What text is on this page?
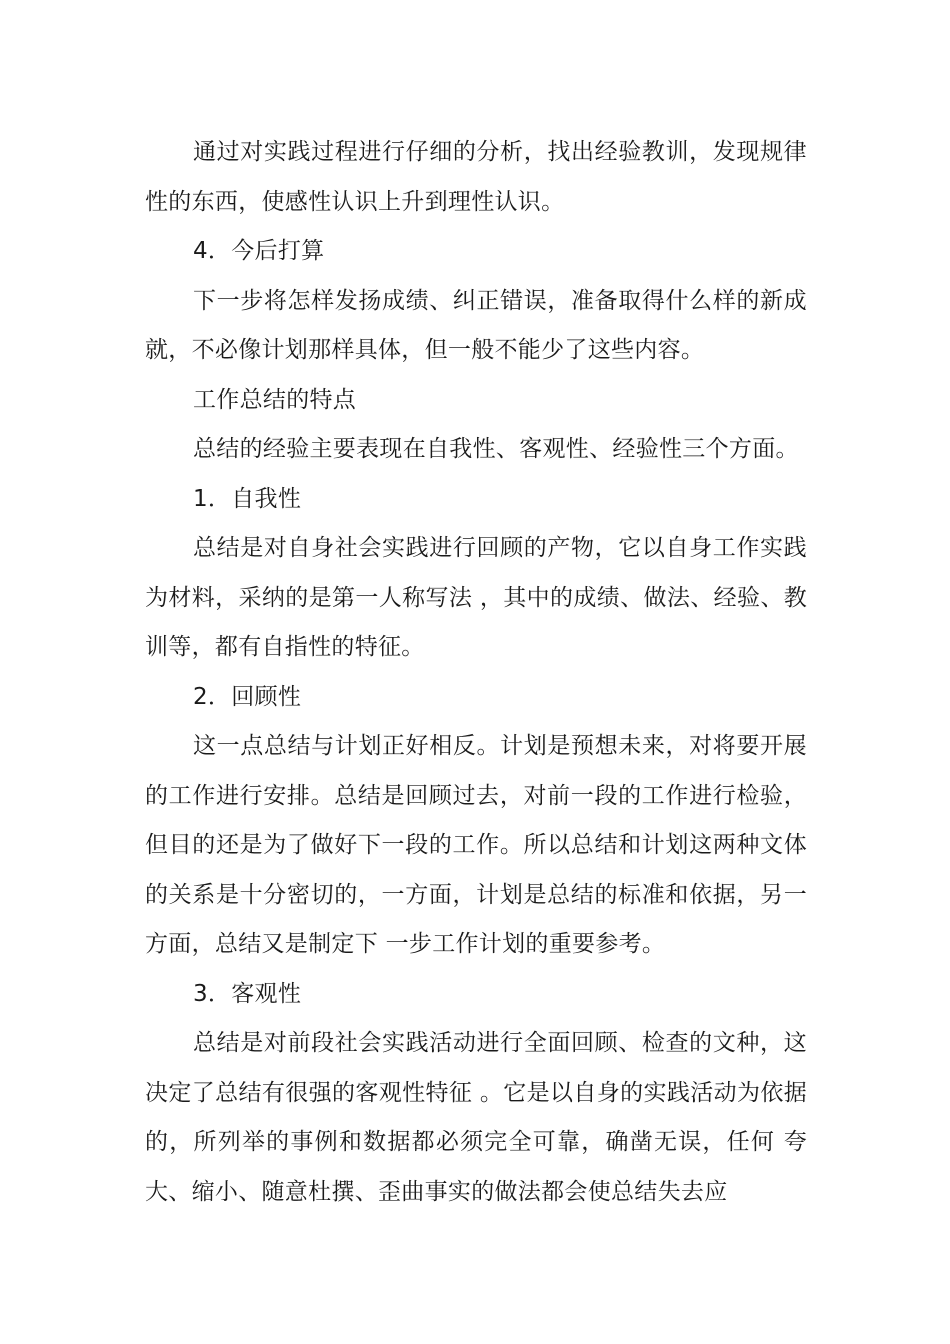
通过对实践过程进行仔细的分析，找出经验教训，发现规律性的东西，使感性认识上升到理性认识。

4．今后打算

下一步将怎样发扬成绩、纠正错误，准备取得什么样的新成就，不必像计划那样具体，但一般不能少了这些内容。

工作总结的特点

总结的经验主要表现在自我性、客观性、经验性三个方面。

1．自我性

总结是对自身社会实践进行回顾的产物，它以自身工作实践为材料，采纳的是第一人称写法 ，其中的成绩、做法、经验、教训等，都有自指性的特征。

2．回顾性

这一点总结与计划正好相反。计划是预想未来，对将要开展的工作进行安排。总结是回顾过去，对前一段的工作进行检验，但目的还是为了做好下一段的工作。所以总结和计划这两种文体的关系是十分密切的，一方面，计划是总结的标准和依据，另一方面，总结又是制定下 一步工作计划的重要参考。

3．客观性

总结是对前段社会实践活动进行全面回顾、检查的文种，这决定了总结有很强的客观性特征 。它是以自身的实践活动为依据的，所列举的事例和数据都必须完全可靠，确凿无误，任何 夸大、缩小、随意杜撰、歪曲事实的做法都会使总结失去应
